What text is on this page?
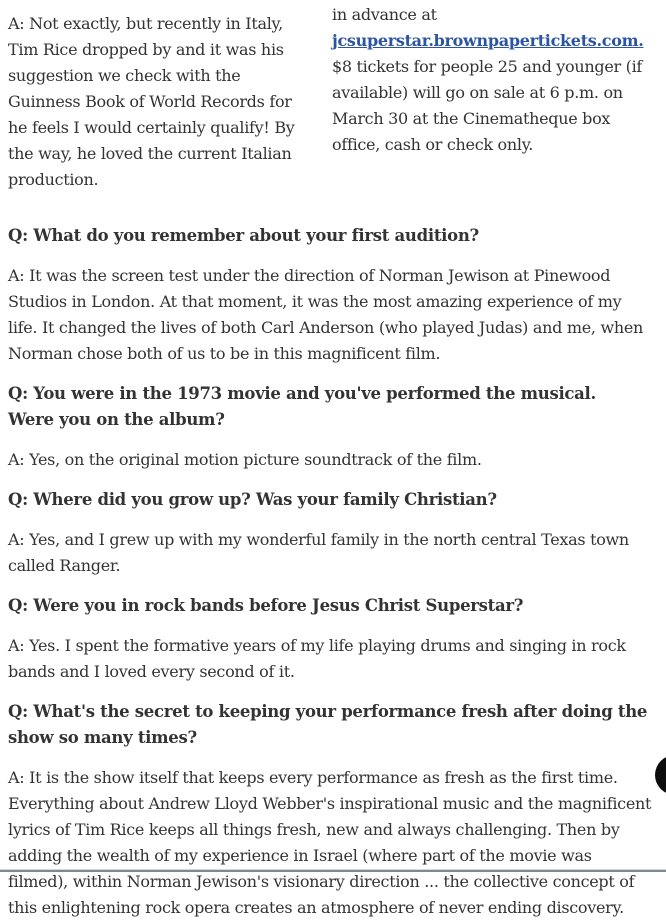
A: Not exactly, but recently in Italy, Tim Rice dropped by and it was his suggestion we check with the Guinness Book of World Records for he feels I would certainly qualify! By the way, he loved the current Italian production.

in advance at jcsuperstar.brownpapertickets.com. $8 tickets for people 25 and younger (if available) will go on sale at 6 p.m. on March 30 at the Cinematheque box office, cash or check only.

Q: What do you remember about your first audition?

A: It was the screen test under the direction of Norman Jewison at Pinewood Studios in London. At that moment, it was the most amazing experience of my life. It changed the lives of both Carl Anderson (who played Judas) and me, when Norman chose both of us to be in this magnificent film.

Q: You were in the 1973 movie and you've performed the musical.  Were you on the album?

A: Yes, on the original motion picture soundtrack of the film.

Q: Where did you grow up? Was your family Christian?

A: Yes, and I grew up with my wonderful family in the north central Texas town called Ranger.

Q: Were you in rock bands before Jesus Christ Superstar?

A: Yes. I spent the formative years of my life playing drums and singing in rock bands and I loved every second of it.

Q: What's the secret to keeping your performance fresh after doing the show so many times?

A: It is the show itself that keeps every performance as fresh as the first time. Everything about Andrew Lloyd Webber's inspirational music and the magnificent lyrics of Tim Rice keeps all things fresh, new and always challenging. Then by adding the wealth of my experience in Israel (where part of the movie was filmed), within Norman Jewison's visionary direction ... the collective concept of this enlightening rock opera creates an atmosphere of never ending discovery.
